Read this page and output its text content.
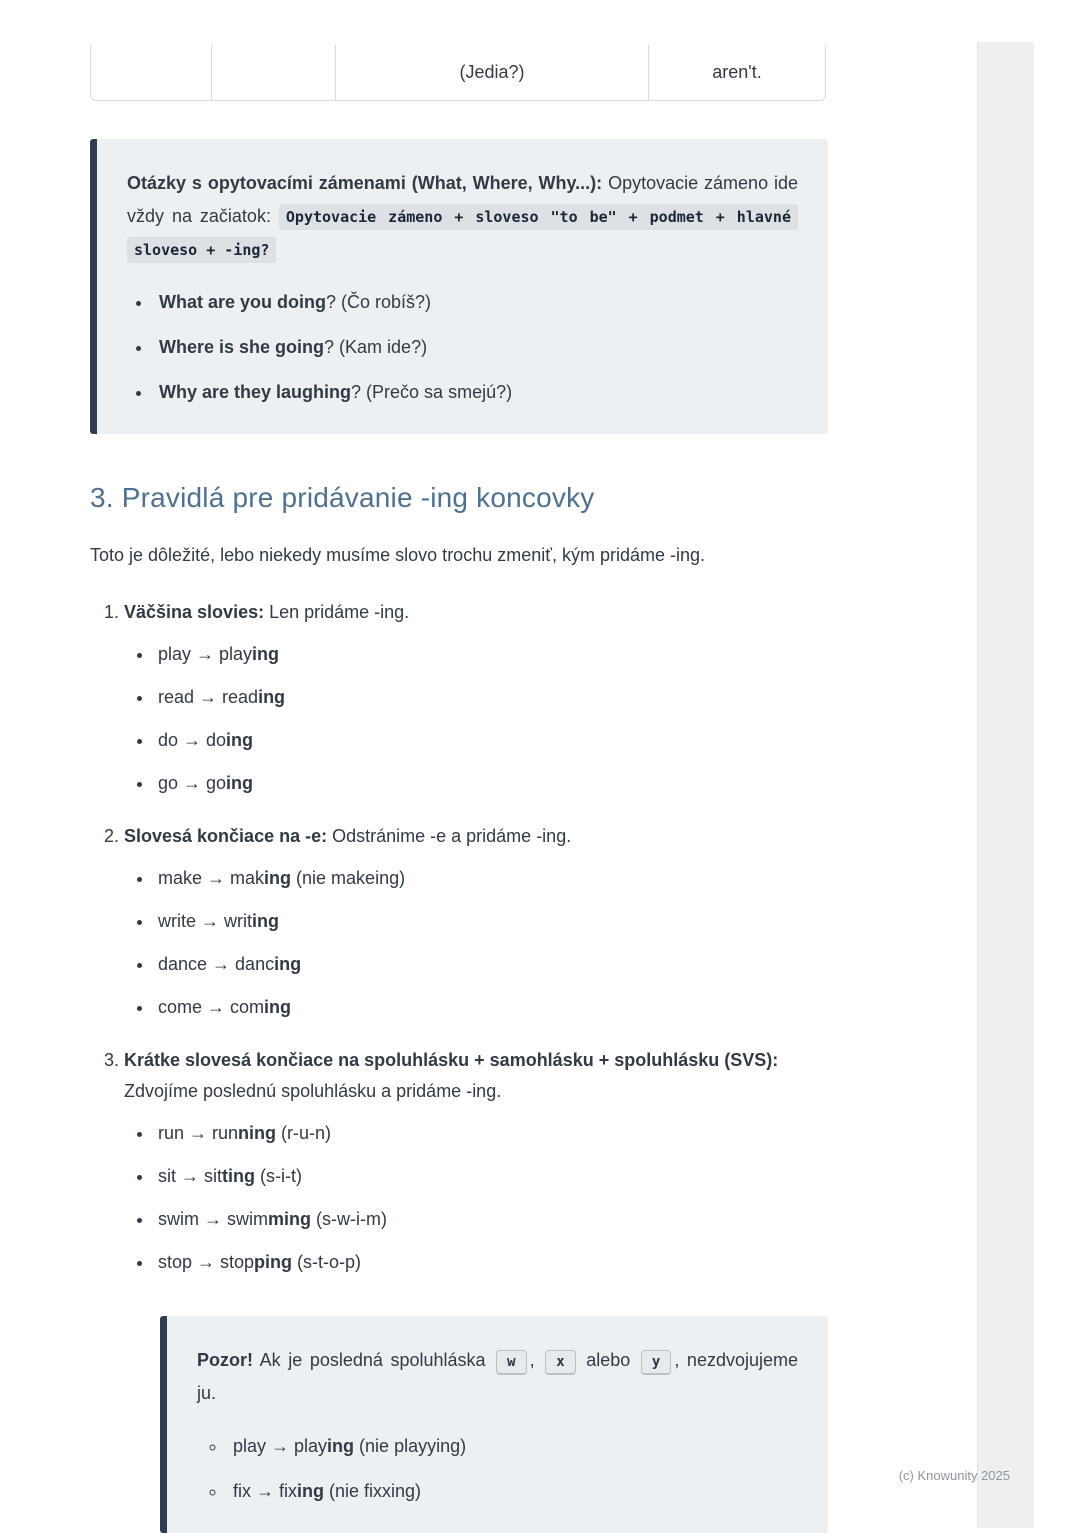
(Jedia?)	aren't.

Otázky s opytovacími zámenami (What, Where, Why...): Opytovacie zámeno ide vždy na začiatok: Opytovacie zámeno + sloveso "to be" + podmet + hlavné sloveso + -ing?

• What are you doing? (Čo robíš?)
• Where is she going? (Kam ide?)
• Why are they laughing? (Prečo sa smejú?)
3. Pravidlá pre pridávanie -ing koncovky

Toto je dôležité, lebo niekedy musíme slovo trochu zmeniť, kým pridáme -ing.

1. Väčšina slovies: Len pridáme -ing.
• play → playing
• read → reading
• do → doing
• go → going
2. Slovesá končiace na -e: Odstránime -e a pridáme -ing.
• make → making (nie makeing)
• write → writing
• dance → dancing
• come → coming
3. Krátke slovesá končiace na spoluhlásku + samohlásku + spoluhlásku (SVS): Zdvojíme poslednú spoluhlásku a pridáme -ing.
• run → running (r-u-n)
• sit → sitting (s-i-t)
• swim → swimming (s-w-i-m)
• stop → stopping (s-t-o-p)

Pozor! Ak je posledná spoluhláska w , x alebo y , nezdvojujeme ju.

◦ play → playing (nie playying)
◦ fix → fixing (nie fixxing)
(c) Knowunity 2025
